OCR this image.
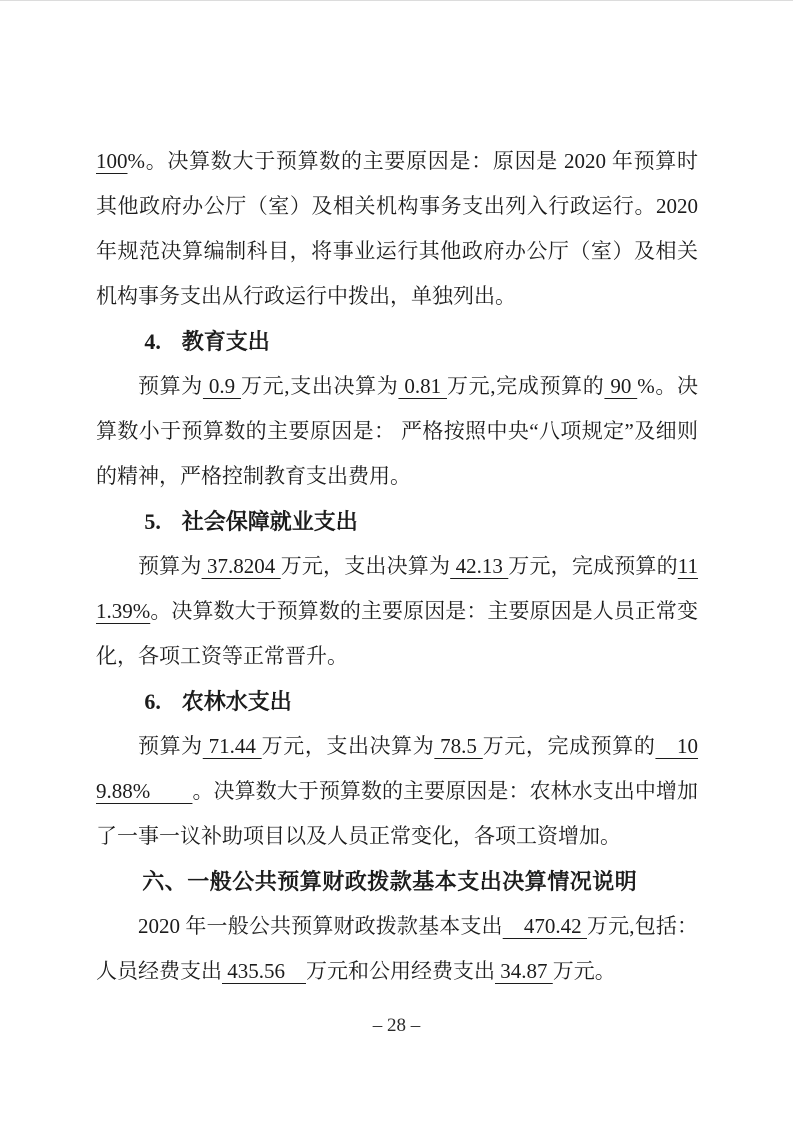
100%。决算数大于预算数的主要原因是：原因是 2020 年预算时其他政府办公厅（室）及相关机构事务支出列入行政运行。2020 年规范决算编制科目，将事业运行其他政府办公厅（室）及相关机构事务支出从行政运行中拨出，单独列出。

4. 教育支出

预算为 0.9 万元,支出决算为 0.81 万元,完成预算的 90 %。决算数小于预算数的主要原因是： 严格按照中央“八项规定”及细则的精神，严格控制教育支出费用。

5. 社会保障就业支出

预算为 37.8204 万元，支出决算为 42.13 万元，完成预算的111.39%。决算数大于预算数的主要原因是：主要原因是人员正常变化，各项工资等正常晋升。

6. 农林水支出

预算为 71.44 万元，支出决算为 78.5 万元，完成预算的　109.88%　　。决算数大于预算数的主要原因是：农林水支出中增加了一事一议补助项目以及人员正常变化，各项工资增加。

六、一般公共预算财政拨款基本支出决算情况说明

2020 年一般公共预算财政拨款基本支出　470.42 万元,包括：人员经费支出 435.56　万元和公用经费支出 34.87 万元。

– 28 –
